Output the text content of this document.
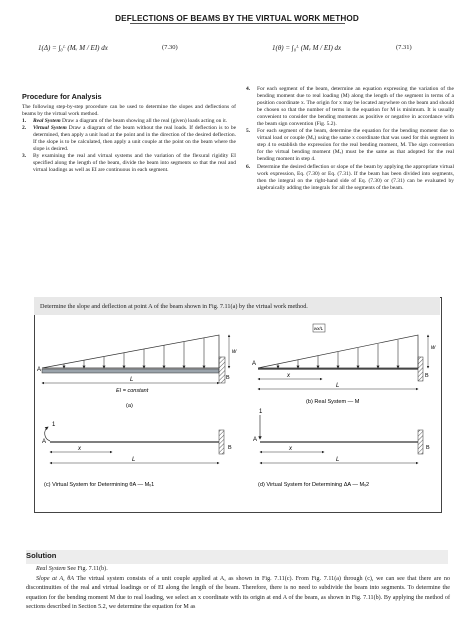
DEFLECTIONS OF BEAMS BY THE VIRTUAL WORK METHOD
1(Δ) = ∫₀ᴸ (Mᵥ M / EI) dx	(7.30)	1(θ) = ∫₀ᴸ (Mᵥ M / EI) dx	(7.31)
Procedure for Analysis
The following step-by-step procedure can be used to determine the slopes and deflections of beams by the virtual work method.
1. Real System Draw a diagram of the beam showing all the real (given) loads acting on it.
2. Virtual System Draw a diagram of the beam without the real loads. If deflection is to be determined, then apply a unit load at the point and in the direction of the desired deflection. If the slope is to be calculated, then apply a unit couple at the point on the beam where the slope is desired.
3. By examining the real and virtual systems and the variation of the flexural rigidity EI specified along the length of the beam, divide the beam into segments so that the real and virtual loadings as well as EI are continuous in each segment.
4. For each segment of the beam, determine an equation expressing the variation of the bending moment due to real loading (M) along the length of the segment in terms of a position coordinate x. The origin for x may be located anywhere on the beam and should be chosen so that the number of terms in the equation for M is minimum. It is usually convenient to consider the bending moments as positive or negative in accordance with the beam sign convention (Fig. 5.2).
5. For each segment of the beam, determine the equation for the bending moment due to virtual load or couple (Mᵥ) using the same x coordinate that was used for this segment in step 4 to establish the expression for the real bending moment, M. The sign convention for the virtual bending moment (Mᵥ) must be the same as that adopted for the real bending moment in step 4.
6. Determine the desired deflection or slope of the beam by applying the appropriate virtual work expression, Eq. (7.30) or Eq. (7.31). If the beam has been divided into segments, then the integral on the right-hand side of Eq. (7.30) or (7.31) can be evaluated by algebraically adding the integrals for all the segments of the beam.
Determine the slope and deflection at point A of the beam shown in Fig. 7.11(a) by the virtual work method.
A
B
w
L
EI = constant
(a)
wx/L
A
B
w
x
L
(b) Real System — M
1
A
B
x
L
(c) Virtual System for Determining θA — Mᵥ1
1
A
B
x
L
(d) Virtual System for Determining ΔA — Mᵥ2
Solution

Real System See Fig. 7.11(b).

Slope at A, θA The virtual system consists of a unit couple applied at A, as shown in Fig. 7.11(c). From Fig. 7.11(a) through (c), we can see that there are no discontinuities of the real and virtual loadings or of EI along the length of the beam. Therefore, there is no need to subdivide the beam into segments. To determine the equation for the bending moment M due to real loading, we select an x coordinate with its origin at end A of the beam, as shown in Fig. 7.11(b). By applying the method of sections described in Section 5.2, we determine the equation for M as
